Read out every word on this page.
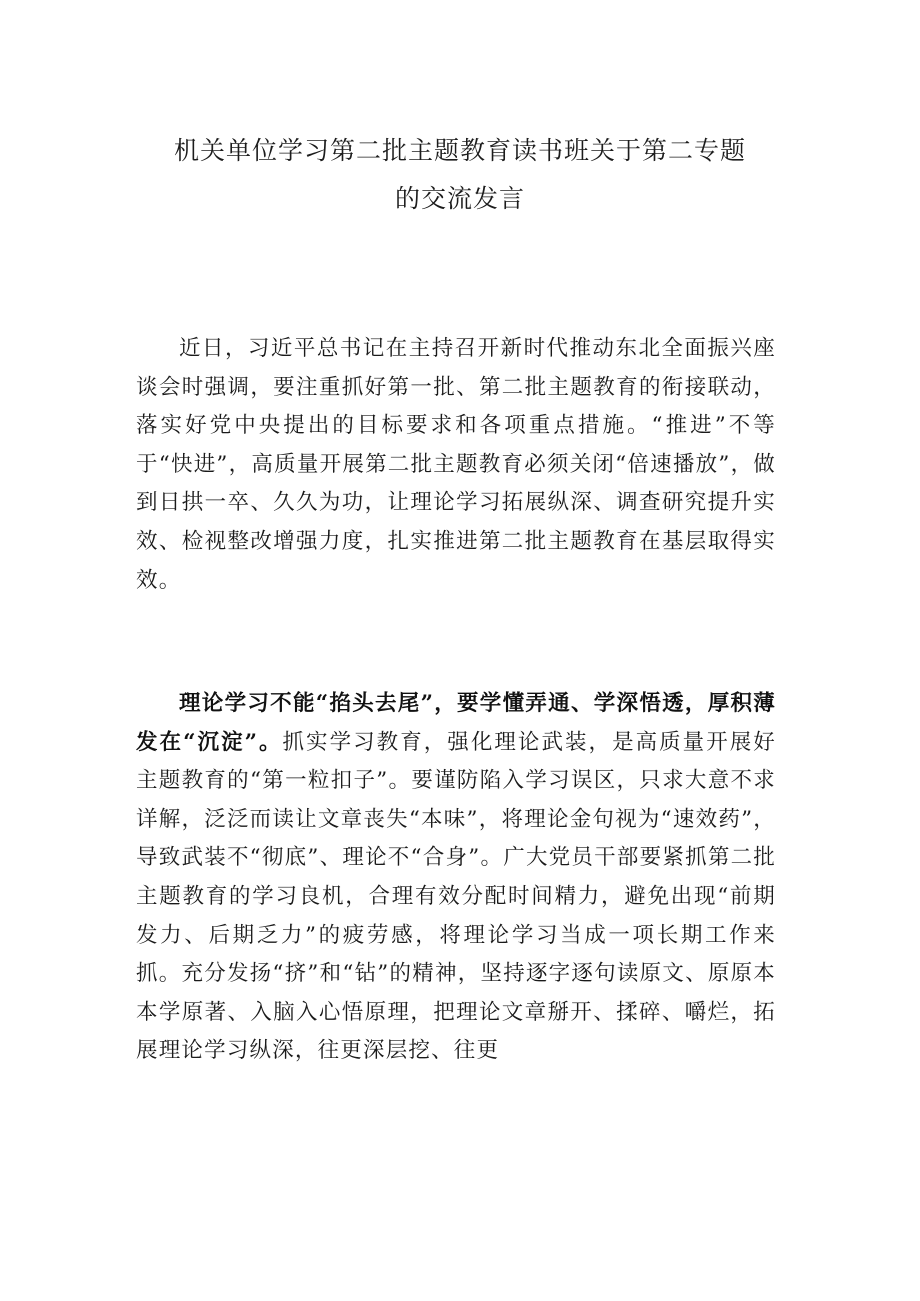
机关单位学习第二批主题教育读书班关于第二专题
的交流发言

近日，习近平总书记在主持召开新时代推动东北全面振兴座谈会时强调，要注重抓好第一批、第二批主题教育的衔接联动，落实好党中央提出的目标要求和各项重点措施。“推进”不等于“快进”，高质量开展第二批主题教育必须关闭“倍速播放”，做到日拱一卒、久久为功，让理论学习拓展纵深、调查研究提升实效、检视整改增强力度，扎实推进第二批主题教育在基层取得实效。

理论学习不能“掐头去尾”，要学懂弄通、学深悟透，厚积薄发在“沉淀”。抓实学习教育，强化理论武装，是高质量开展好主题教育的“第一粒扣子”。要谨防陷入学习误区，只求大意不求详解，泛泛而读让文章丧失“本味”，将理论金句视为“速效药”，导致武装不“彻底”、理论不“合身”。广大党员干部要紧抓第二批主题教育的学习良机，合理有效分配时间精力，避免出现“前期发力、后期乏力”的疲劳感，将理论学习当成一项长期工作来抓。充分发扬“挤”和“钻”的精神，坚持逐字逐句读原文、原原本本学原著、入脑入心悟原理，把理论文章掰开、揉碎、嚼烂，拓展理论学习纵深，往更深层挖、往更
